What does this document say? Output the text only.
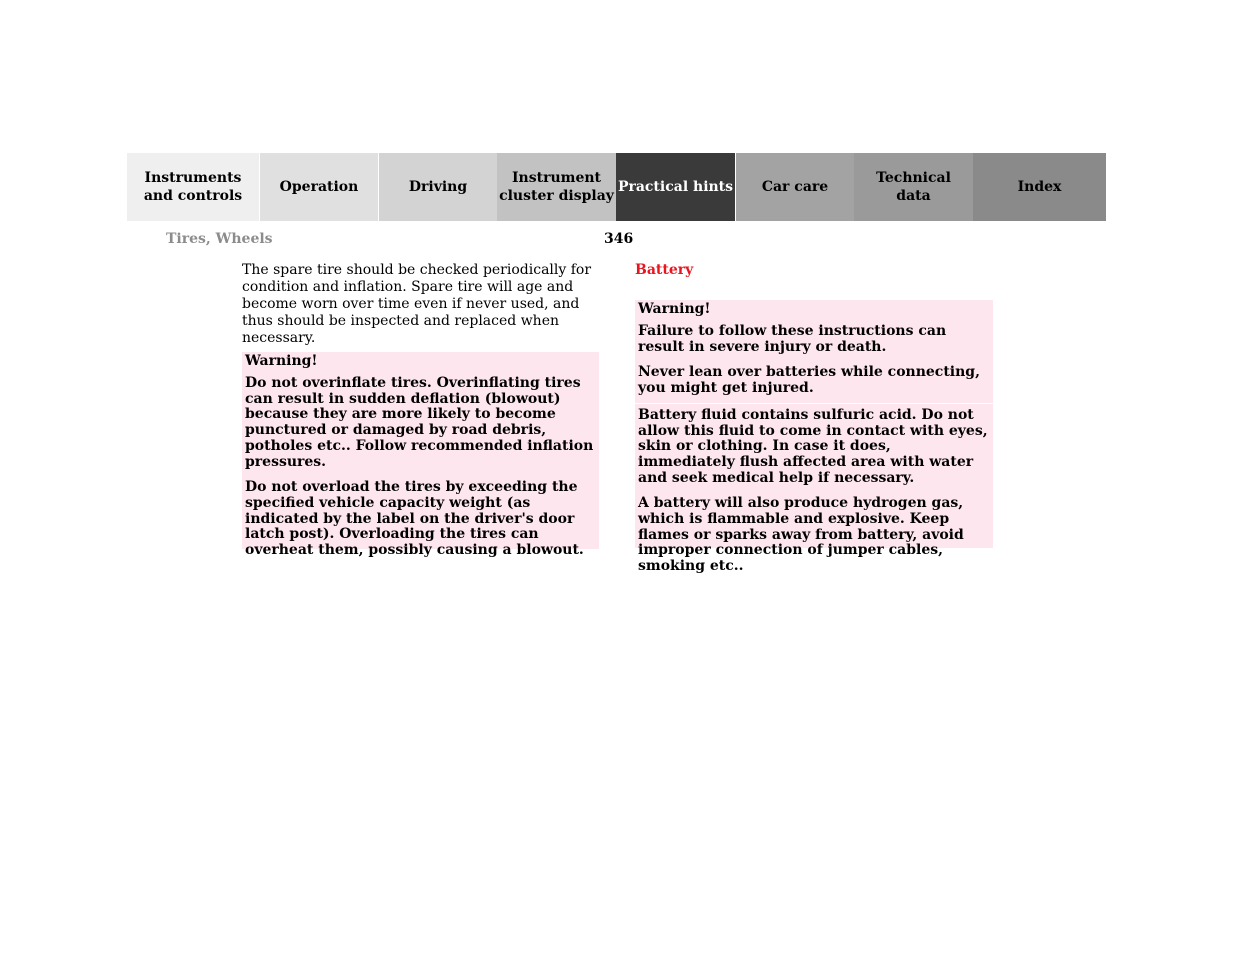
Instruments
and controls
Operation	Driving
Instrument
cluster display
Practical hints Car care
Technical
data
Index
Tires, Wheels	346

The spare tire should be checked periodically for condition and inflation. Spare tire will age and become worn over time even if never used, and thus should be inspected and replaced when necessary.

Warning!

Do not overinflate tires. Overinflating tires can result in sudden deflation (blowout) because they are more likely to become punctured or damaged by road debris, potholes etc.. Follow recommended inflation pressures.

Do not overload the tires by exceeding the specified vehicle capacity weight (as indicated by the label on the driver's door latch post). Overloading the tires can overheat them, possibly causing a blowout.

Battery
Warning!

Failure to follow these instructions can result in severe injury or death.

Never lean over batteries while connecting, you might get injured.

Battery fluid contains sulfuric acid. Do not allow this fluid to come in contact with eyes, skin or clothing. In case it does, immediately flush affected area with water and seek medical help if necessary.

A battery will also produce hydrogen gas, which is flammable and explosive. Keep flames or sparks away from battery, avoid improper connection of jumper cables, smoking etc..
